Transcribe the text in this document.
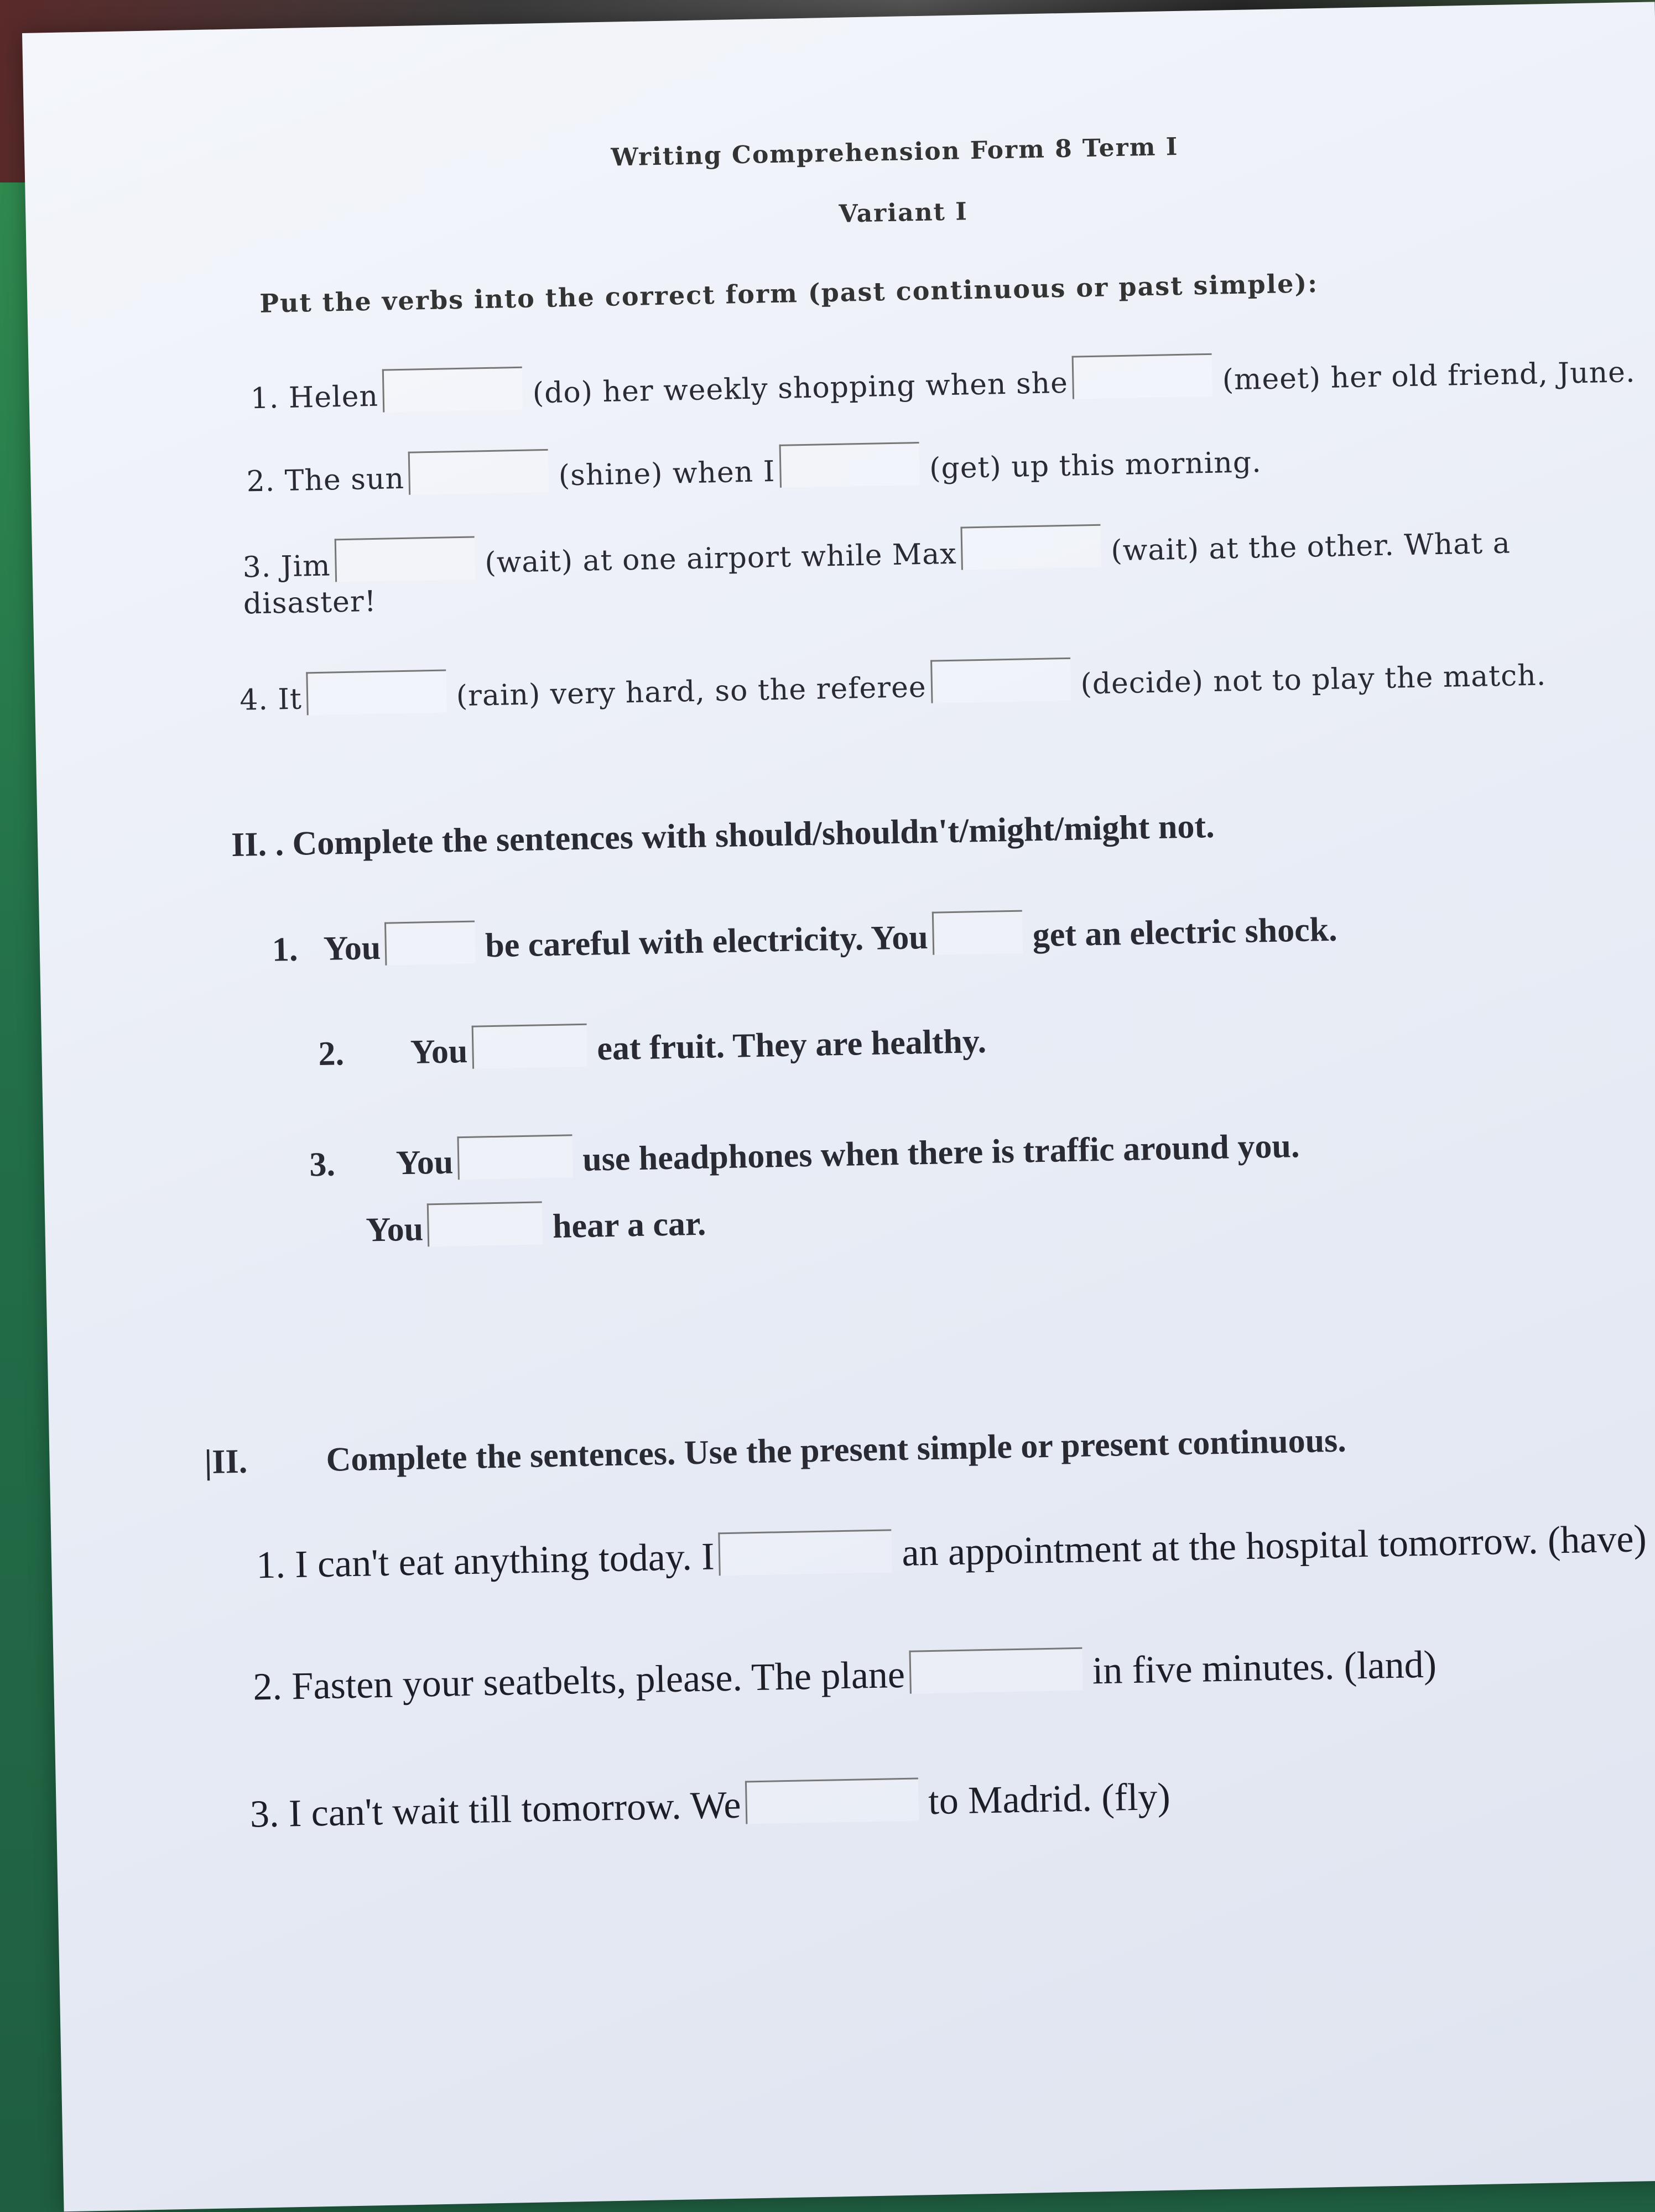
Writing Comprehension Form 8 Term I
Variant I
Put the verbs into the correct form (past continuous or past simple):
1. Helen	(do) her weekly shopping when she	(meet) her old friend, June.
2. The sun	(shine) when I	(get) up this morning.
3. Jim	(wait) at one airport while Max	(wait) at the other. What a
disaster!
4. It	(rain) very hard, so the referee	(decide) not to play the match.
II. . Complete the sentences with should/shouldn't/might/might not.
1. You	be careful with electricity. You	get an electric shock.
2. You	eat fruit. They are healthy.
3. You	use headphones when there is traffic around you.
You	hear a car.
|II. Complete the sentences. Use the present simple or present continuous.
1. I can't eat anything today. I	an appointment at the hospital tomorrow. (have)
2. Fasten your seatbelts, please. The plane	in five minutes. (land)
3. I can't wait till tomorrow. We	to Madrid. (fly)
